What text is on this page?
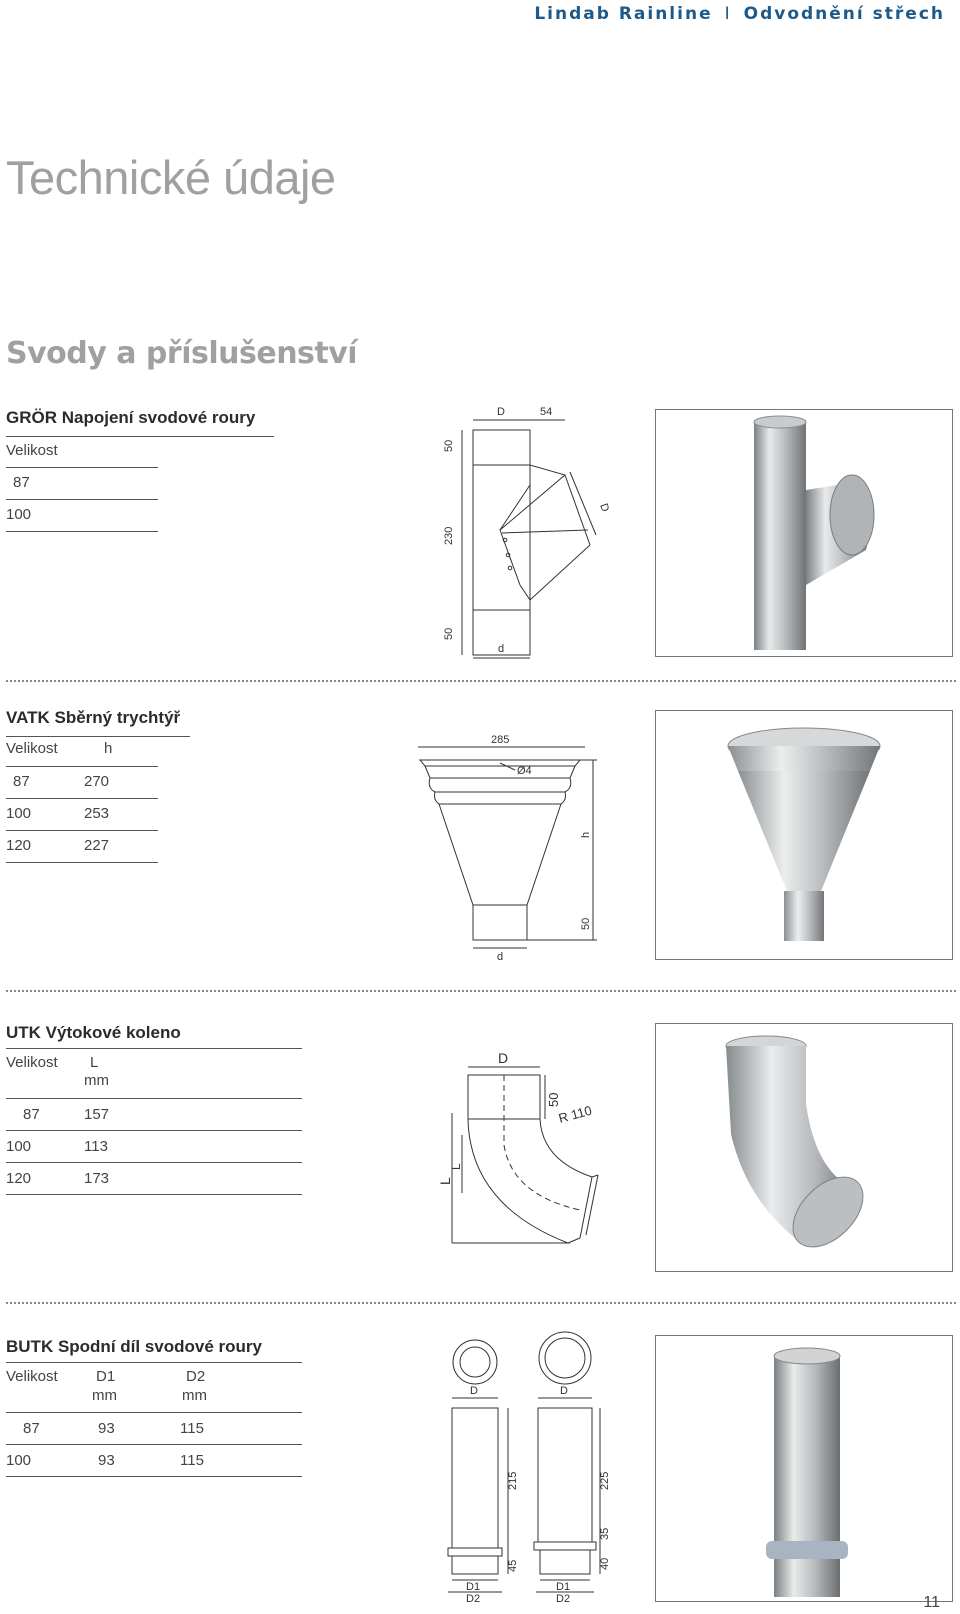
Lindab Rainline I Odvodnění střech
Technické údaje
Svody a příslušenství
GRÖR Napojení svodové roury
Velikost
87
100
D	54
50
230
D
50
d
VATK Sběrný trychtýř
Velikost	h
87	270
100	253
120	227
285
Ø4
h
50
d
UTK Výtokové koleno
Velikost L
mm
87	157
100	113
120	173
D
50
R 110
L
L
BUTK Spodní díl svodové roury
Velikost	D1	D2
mm	mm
87	93	115
100	93	115
D	D
215	225
45
35
40
D1
D2
D1
D2	11
